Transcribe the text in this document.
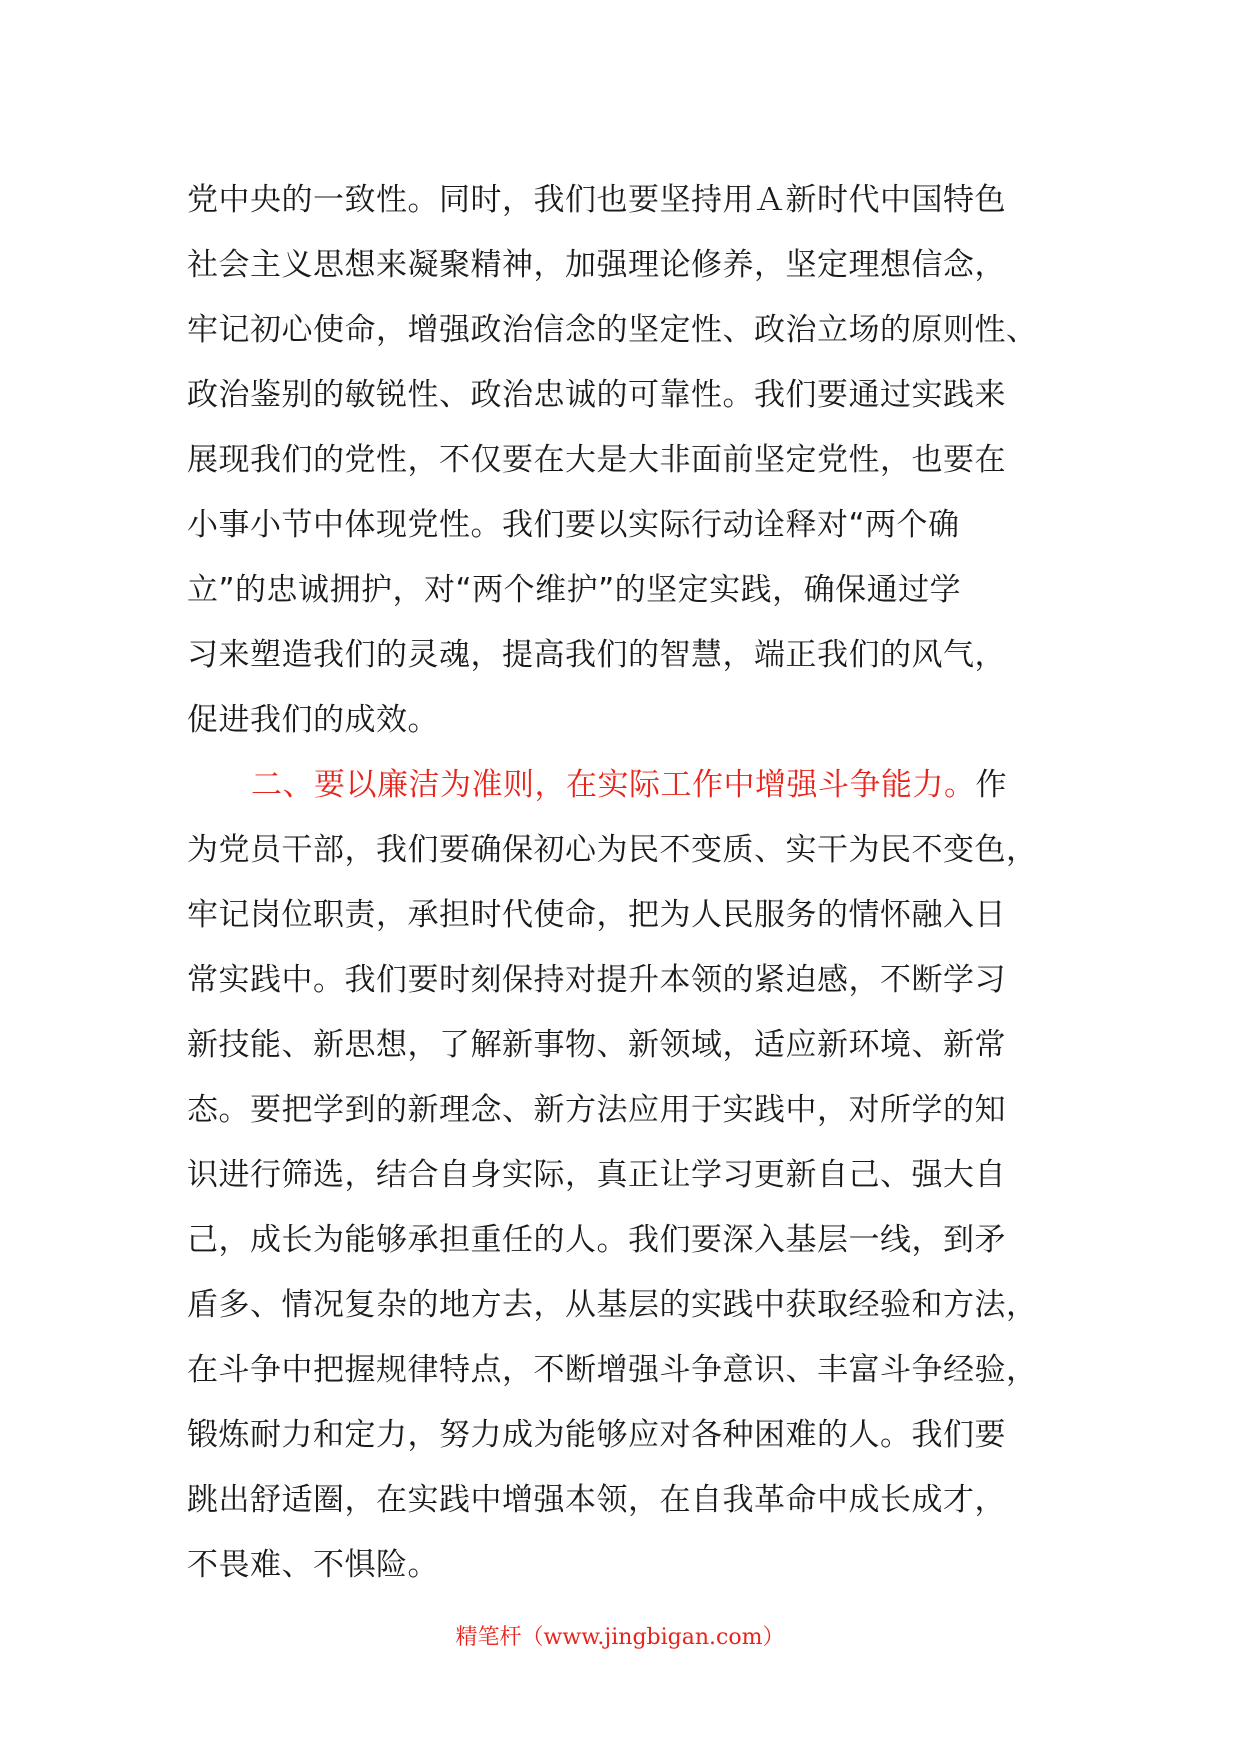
党中央的一致性。同时，我们也要坚持用Ａ新时代中国特色
社会主义思想来凝聚精神，加强理论修养，坚定理想信念，
牢记初心使命，增强政治信念的坚定性、政治立场的原则性、
政治鉴别的敏锐性、政治忠诚的可靠性。我们要通过实践来
展现我们的党性，不仅要在大是大非面前坚定党性，也要在
小事小节中体现党性。我们要以实际行动诠释对“两个确
立”的忠诚拥护，对“两个维护”的坚定实践，确保通过学
习来塑造我们的灵魂，提高我们的智慧，端正我们的风气，
促进我们的成效。
二、要以廉洁为准则，在实际工作中增强斗争能力。作
为党员干部，我们要确保初心为民不变质、实干为民不变色，
牢记岗位职责，承担时代使命，把为人民服务的情怀融入日
常实践中。我们要时刻保持对提升本领的紧迫感，不断学习
新技能、新思想，了解新事物、新领域，适应新环境、新常
态。要把学到的新理念、新方法应用于实践中，对所学的知
识进行筛选，结合自身实际，真正让学习更新自己、强大自
己，成长为能够承担重任的人。我们要深入基层一线，到矛
盾多、情况复杂的地方去，从基层的实践中获取经验和方法，
在斗争中把握规律特点，不断增强斗争意识、丰富斗争经验，
锻炼耐力和定力，努力成为能够应对各种困难的人。我们要
跳出舒适圈，在实践中增强本领，在自我革命中成长成才，
不畏难、不惧险。
精笔杆（www.jingbigan.com）
